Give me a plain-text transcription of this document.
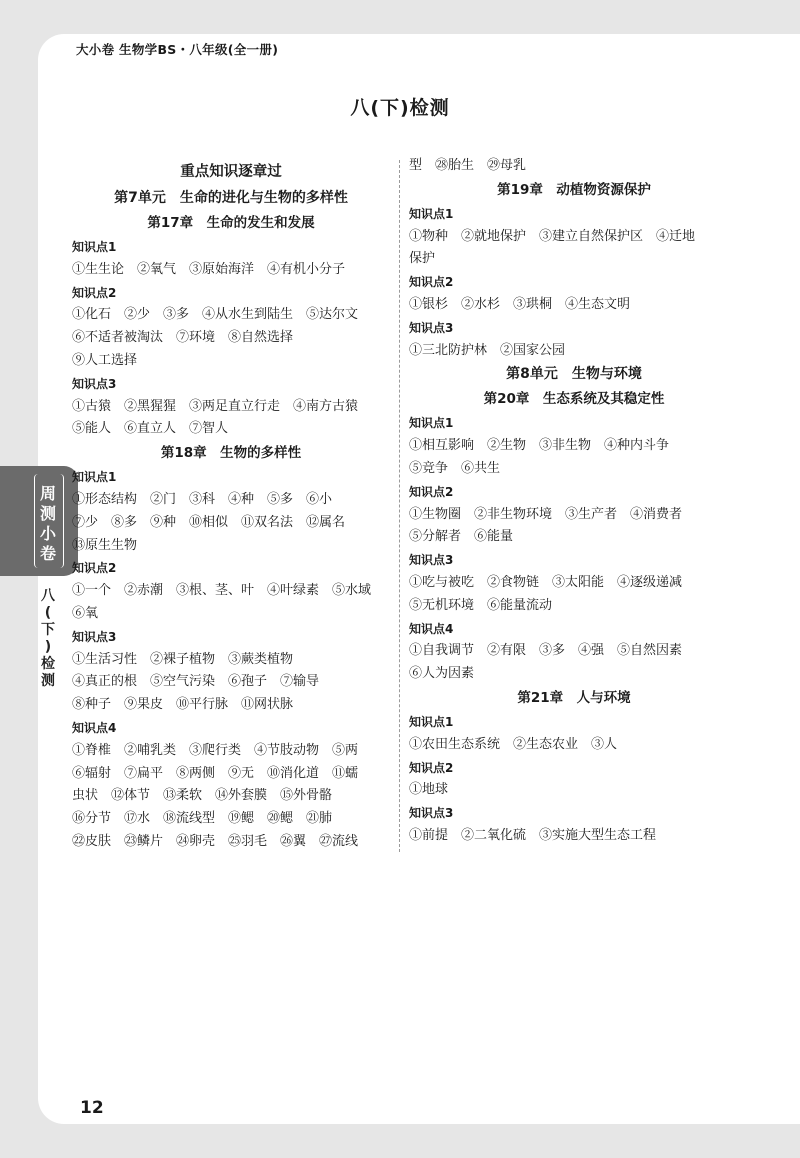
大小卷 生物学BS・八年级(全一册)
八(下)检测
周
测
小
卷
八
(
下
)
检
测
重点知识逐章过
第7单元　生命的进化与生物的多样性
第17章　生命的发生和发展
知识点1
①生生论　②氧气　③原始海洋　④有机小分子
知识点2
①化石　②少　③多　④从水生到陆生　⑤达尔文
⑥不适者被淘汰　⑦环境　⑧自然选择
⑨人工选择
知识点3
①古猿　②黑猩猩　③两足直立行走　④南方古猿
⑤能人　⑥直立人　⑦智人
第18章　生物的多样性
知识点1
①形态结构　②门　③科　④种　⑤多　⑥小
⑦少　⑧多　⑨种　⑩相似　⑪双名法　⑫属名
⑬原生生物
知识点2
①一个　②赤潮　③根、茎、叶　④叶绿素　⑤水域
⑥氧
知识点3
①生活习性　②裸子植物　③蕨类植物
④真正的根　⑤空气污染　⑥孢子　⑦输导
⑧种子　⑨果皮　⑩平行脉　⑪网状脉
知识点4
①脊椎　②哺乳类　③爬行类　④节肢动物　⑤两
⑥辐射　⑦扁平　⑧两侧　⑨无　⑩消化道　⑪蠕
虫状　⑫体节　⑬柔软　⑭外套膜　⑮外骨骼
⑯分节　⑰水　⑱流线型　⑲鳃　⑳鳃　㉑肺
㉒皮肤　㉓鳞片　㉔卵壳　㉕羽毛　㉖翼　㉗流线
型　㉘胎生　㉙母乳
第19章　动植物资源保护
知识点1
①物种　②就地保护　③建立自然保护区　④迁地
保护
知识点2
①银杉　②水杉　③珙桐　④生态文明
知识点3
①三北防护林　②国家公园
第8单元　生物与环境
第20章　生态系统及其稳定性
知识点1
①相互影响　②生物　③非生物　④种内斗争
⑤竞争　⑥共生
知识点2
①生物圈　②非生物环境　③生产者　④消费者
⑤分解者　⑥能量
知识点3
①吃与被吃　②食物链　③太阳能　④逐级递减
⑤无机环境　⑥能量流动
知识点4
①自我调节　②有限　③多　④强　⑤自然因素
⑥人为因素
第21章　人与环境
知识点1
①农田生态系统　②生态农业　③人
知识点2
①地球
知识点3
①前提　②二氧化硫　③实施大型生态工程
12
